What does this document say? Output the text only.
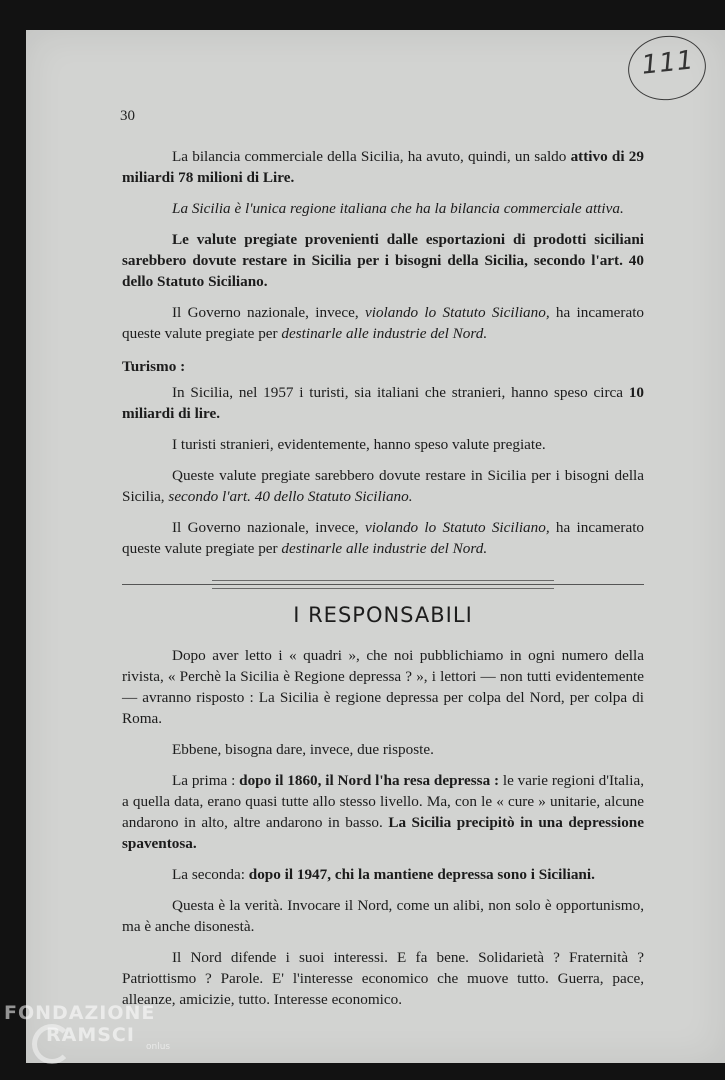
111
30

La bilancia commerciale della Sicilia, ha avuto, quindi, un saldo attivo di 29 miliardi 78 milioni di Lire.

La Sicilia è l'unica regione italiana che ha la bilancia commerciale attiva.

Le valute pregiate provenienti dalle esportazioni di prodotti siciliani sarebbero dovute restare in Sicilia per i bisogni della Sicilia, secondo l'art. 40 dello Statuto Siciliano.

Il Governo nazionale, invece, violando lo Statuto Siciliano, ha incamerato queste valute pregiate per destinarle alle industrie del Nord.

Turismo :

In Sicilia, nel 1957 i turisti, sia italiani che stranieri, hanno speso circa 10 miliardi di lire.

I turisti stranieri, evidentemente, hanno speso valute pregiate.

Queste valute pregiate sarebbero dovute restare in Sicilia per i bisogni della Sicilia, secondo l'art. 40 dello Statuto Siciliano.

Il Governo nazionale, invece, violando lo Statuto Siciliano, ha incamerato queste valute pregiate per destinarle alle industrie del Nord.

I RESPONSABILI

Dopo aver letto i « quadri », che noi pubblichiamo in ogni numero della rivista, « Perchè la Sicilia è Regione depressa ? », i lettori — non tutti evidentemente — avranno risposto : La Sicilia è regione depressa per colpa del Nord, per colpa di Roma.

Ebbene, bisogna dare, invece, due risposte.

La prima : dopo il 1860, il Nord l'ha resa depressa : le varie regioni d'Italia, a quella data, erano quasi tutte allo stesso livello. Ma, con le « cure » unitarie, alcune andarono in alto, altre andarono in basso. La Sicilia precipitò in una depressione spaventosa.

La seconda: dopo il 1947, chi la mantiene depressa sono i Siciliani.

Questa è la verità. Invocare il Nord, come un alibi, non solo è opportunismo, ma è anche disonestà.

Il Nord difende i suoi interessi. E fa bene. Solidarietà ? Fraternità ? Patriottismo ? Parole. E' l'interesse economico che muove tutto. Guerra, pace, alleanze, amicizie, tutto. Interesse economico.

FONDAZIONE
RAMSCI
onlus
